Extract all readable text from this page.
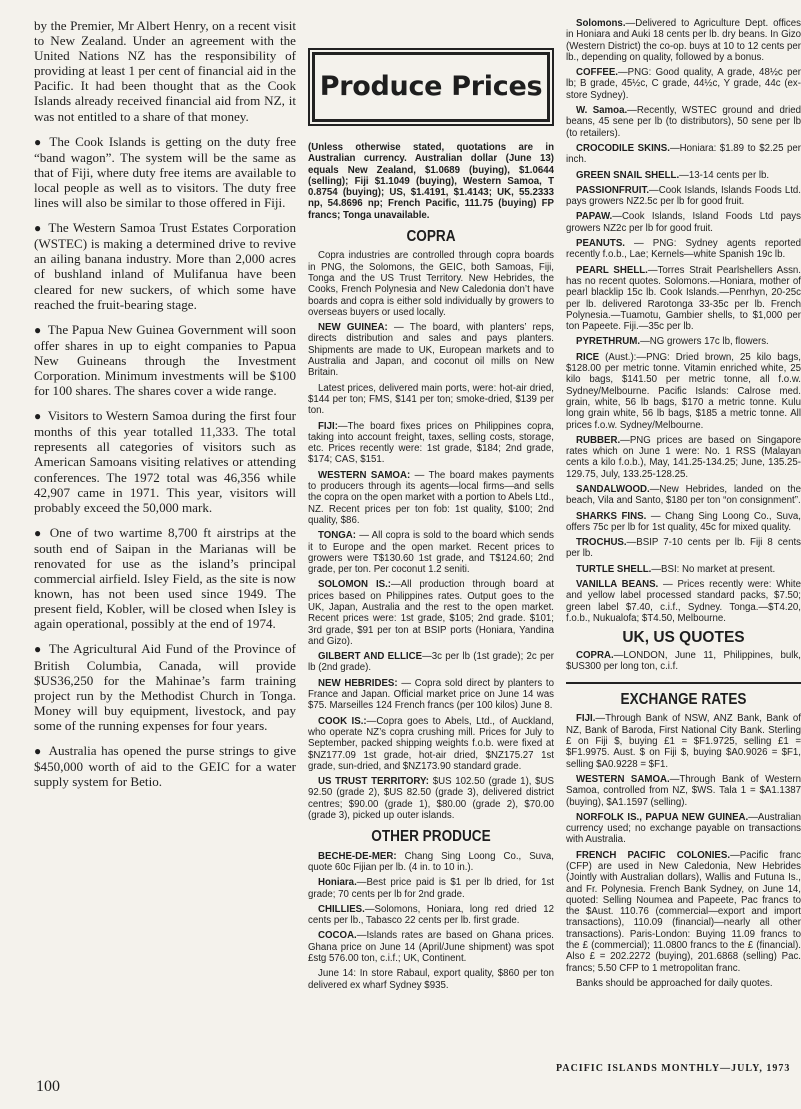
by the Premier, Mr Albert Henry, on a recent visit to New Zealand. Under an agreement with the United Nations NZ has the responsibility of providing at least 1 per cent of financial aid in the Pacific. It had been thought that as the Cook Islands already received financial aid from NZ, it was not entitled to a share of that money.

● The Cook Islands is getting on the duty free “band wagon”. The system will be the same as that of Fiji, where duty free items are available to local people as well as to visitors. The duty free lines will also be similar to those offered in Fiji.

● The Western Samoa Trust Estates Corporation (WSTEC) is making a determined drive to revive an ailing banana industry. More than 2,000 acres of bushland inland of Mulifanua have been cleared for new suckers, of which some have reached the fruit-bearing stage.

● The Papua New Guinea Government will soon offer shares in up to eight companies to Papua New Guineans through the Investment Corporation. Minimum investments will be $100 for 100 shares. The shares cover a wide range.

● Visitors to Western Samoa during the first four months of this year totalled 11,333. The total represents all categories of visitors such as American Samoans visiting relatives or attending conferences. The 1972 total was 46,356 while 42,907 came in 1971. This year, visitors will probably exceed the 50,000 mark.

● One of two wartime 8,700 ft airstrips at the south end of Saipan in the Marianas will be renovated for use as the island’s principal commercial airfield. Isley Field, as the site is now known, has not been used since 1949. The present field, Kobler, will be closed when Isley is again operational, possibly at the end of 1974.

● The Agricultural Aid Fund of the Province of British Columbia, Canada, will provide $US36,250 for the Mahinae’s farm training project run by the Methodist Church in Tonga. Money will buy equipment, livestock, and pay some of the running expenses for four years.

● Australia has opened the purse strings to give $450,000 worth of aid to the GEIC for a water supply system for Betio.

Produce Prices

(Unless otherwise stated, quotations are in Australian currency. Australian dollar (June 13) equals New Zealand, $1.0689 (buying), $1.0644 (selling); Fiji $1.1049 (buying), Western Samoa, T 0.8754 (buying); US, $1.4191, $1.4143; UK, 55.2333 np, 54.8696 np; French Pacific, 111.75 (buying) FP francs; Tonga unavailable.

COPRA

Copra industries are controlled through copra boards in PNG, the Solomons, the GEIC, both Samoas, Fiji, Tonga and the US Trust Territory. New Hebrides, the Cooks, French Polynesia and New Caledonia don’t have boards and copra is either sold individually by growers to overseas buyers or used locally.

NEW GUINEA: — The board, with planters’ reps, directs distribution and sales and pays planters. Shipments are made to UK, European markets and to Australia and Japan, and coconut oil mills on New Britain.

Latest prices, delivered main ports, were: hot-air dried, $144 per ton; FMS, $141 per ton; smoke-dried, $139 per ton.

FIJI:—The board fixes prices on Philippines copra, taking into account freight, taxes, selling costs, storage, etc. Prices recently were: 1st grade, $184; 2nd grade, $174; CAS, $151.

WESTERN SAMOA: — The board makes payments to producers through its agents—local firms—and sells the copra on the open market with a portion to Abels Ltd., NZ. Recent prices per ton fob: 1st quality, $100; 2nd quality, $86.

TONGA: — All copra is sold to the board which sends it to Europe and the open market. Recent prices to growers were T$130.60 1st grade, and T$124.60; 2nd grade, per ton. Per coconut 1.2 seniti.

SOLOMON IS.:—All production through board at prices based on Philippines rates. Output goes to the UK, Japan, Australia and the rest to the open market. Recent prices were: 1st grade, $105; 2nd grade. $101; 3rd grade, $91 per ton at BSIP ports (Honiara, Yandina and Gizo).

GILBERT AND ELLICE—3c per lb (1st grade); 2c per lb (2nd grade).

NEW HEBRIDES: — Copra sold direct by planters to France and Japan. Official market price on June 14 was $75. Marseilles 124 French francs (per 100 kilos) June 8.

COOK IS.:—Copra goes to Abels, Ltd., of Auckland, who operate NZ’s copra crushing mill. Prices for July to September, packed shipping weights f.o.b. were fixed at $NZ177.09 1st grade, hot-air dried, $NZ175.27 1st grade, sun-dried, and $NZ173.90 standard grade.

US TRUST TERRITORY: $US 102.50 (grade 1), $US 92.50 (grade 2), $US 82.50 (grade 3), delivered district centres; $90.00 (grade 1), $80.00 (grade 2), $70.00 (grade 3), picked up outer islands.

OTHER PRODUCE

BECHE-DE-MER: Chang Sing Loong Co., Suva, quote 60c Fijian per lb. (4 in. to 10 in.).

Honiara.—Best price paid is $1 per lb dried, for 1st grade; 70 cents per lb for 2nd grade.

CHILLIES.—Solomons, Honiara, long red dried 12 cents per lb., Tabasco 22 cents per lb. first grade.

COCOA.—Islands rates are based on Ghana prices. Ghana price on June 14 (April/June shipment) was spot £stg 576.00 ton, c.i.f.; UK, Continent.

June 14: In store Rabaul, export quality, $860 per ton delivered ex wharf Sydney $935.

Solomons.—Delivered to Agriculture Dept. offices in Honiara and Auki 18 cents per lb. dry beans. In Gizo (Western District) the co-op. buys at 10 to 12 cents per lb., depending on quality, followed by a bonus.

COFFEE.—PNG: Good quality, A grade, 48½c per lb; B grade, 45½c, C grade, 44½c, Y grade, 44c (ex-store Sydney).

W. Samoa.—Recently, WSTEC ground and dried beans, 45 sene per lb (to distributors), 50 sene per lb (to retailers).

CROCODILE SKINS.—Honiara: $1.89 to $2.25 per inch.

GREEN SNAIL SHELL.—13-14 cents per lb.

PASSIONFRUIT.—Cook Islands, Islands Foods Ltd. pays growers NZ2.5c per lb for good fruit.

PAPAW.—Cook Islands, Island Foods Ltd pays growers NZ2c per lb for good fruit.

PEANUTS. — PNG: Sydney agents reported recently f.o.b., Lae; Kernels—white Spanish 19c lb.

PEARL SHELL.—Torres Strait Pearlshellers Assn. has no recent quotes. Solomons.—Honiara, mother of pearl blacklip 15c lb. Cook Islands.—Penrhyn, 20-25c per lb. delivered Rarotonga 33-35c per lb. French Polynesia.—Tuamotu, Gambier shells, to $1,000 per ton Papeete. Fiji.—35c per lb.

PYRETHRUM.—NG growers 17c lb, flowers.

RICE (Aust.):—PNG: Dried brown, 25 kilo bags, $128.00 per metric tonne. Vitamin enriched white, 25 kilo bags, $141.50 per metric tonne, all f.o.w. Sydney/Melbourne. Pacific Islands: Calrose med. grain, white, 56 lb bags, $170 a metric tonne. Kulu long grain white, 56 lb bags, $185 a metric tonne. All prices f.o.w. Sydney/Melbourne.

RUBBER.—PNG prices are based on Singapore rates which on June 1 were: No. 1 RSS (Malayan cents a kilo f.o.b.), May, 141.25-134.25; June, 135.25-129.75, July, 133.25-128.25.

SANDALWOOD.—New Hebrides, landed on the beach, Vila and Santo, $180 per ton “on consignment”.

SHARKS FINS. — Chang Sing Loong Co., Suva, offers 75c per lb for 1st quality, 45c for mixed quality.

TROCHUS.—BSIP 7-10 cents per lb. Fiji 8 cents per lb.

TURTLE SHELL.—BSI: No market at present.

VANILLA BEANS. — Prices recently were: White and yellow label processed standard packs, $7.50; green label $7.40, c.i.f., Sydney. Tonga.—$T4.20, f.o.b., Nukualofa; $T4.50, Melbourne.

UK, US QUOTES

COPRA.—LONDON, June 11, Philippines, bulk, $US300 per long ton, c.i.f.

EXCHANGE RATES

FIJI.—Through Bank of NSW, ANZ Bank, Bank of NZ, Bank of Baroda, First National City Bank. Sterling £ on Fiji $, buying £1 = $F1.9725, selling £1 = $F1.9975. Aust. $ on Fiji $, buying $A0.9026 = $F1, selling $A0.9228 = $F1.

WESTERN SAMOA.—Through Bank of Western Samoa, controlled from NZ, $WS. Tala 1 = $A1.1387 (buying), $A1.1597 (selling).

NORFOLK IS., PAPUA NEW GUINEA.—Australian currency used; no exchange payable on transactions with Australia.

FRENCH PACIFIC COLONIES.—Pacific franc (CFP) are used in New Caledonia, New Hebrides (Jointly with Australian dollars), Wallis and Futuna Is., and Fr. Polynesia. French Bank Sydney, on June 14, quoted: Selling Noumea and Papeete, Pac francs to the $Aust. 110.76 (commercial—export and import transactions), 110.09 (financial)—nearly all other transactions). Paris-London: Buying 11.09 francs to the £ (commercial); 11.0800 francs to the £ (financial). Also £ = 202.2272 (buying), 201.6868 (selling) Pac. francs; 5.50 CFP to 1 metropolitan franc.

Banks should be approached for daily quotes.

100
PACIFIC ISLANDS MONTHLY—JULY, 1973
